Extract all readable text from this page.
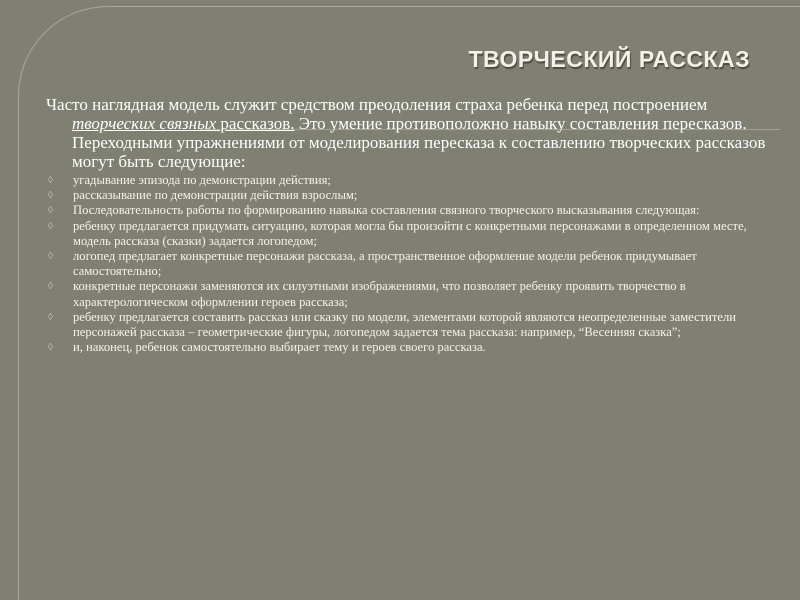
ТВОРЧЕСКИЙ РАССКАЗ

Часто наглядная модель служит средством преодоления страха ребенка перед построением творческих связных рассказов. Это умение противоположно навыку составления пересказов. Переходными упражнениями от моделирования пересказа к составлению творческих рассказов могут быть следующие:

◊ угадывание эпизода по демонстрации действия;
◊ рассказывание по демонстрации действия взрослым;
◊ Последовательность работы по формированию навыка составления связного творческого высказывания следующая:
◊ ребенку предлагается придумать ситуацию, которая могла бы произойти с конкретными персонажами в определенном месте, модель рассказа (сказки) задается логопедом;
◊ логопед предлагает конкретные персонажи рассказа, а пространственное оформление модели ребенок придумывает самостоятельно;
◊ конкретные персонажи заменяются их силуэтными изображениями, что позволяет ребенку проявить творчество в характерологическом оформлении героев рассказа;
◊ ребенку предлагается составить рассказ или сказку по модели, элементами которой являются неопределенные заместители персонажей рассказа – геометрические фигуры, логопедом задается тема рассказа: например, “Весенняя сказка”;
◊ и, наконец, ребенок самостоятельно выбирает тему и героев своего рассказа.
